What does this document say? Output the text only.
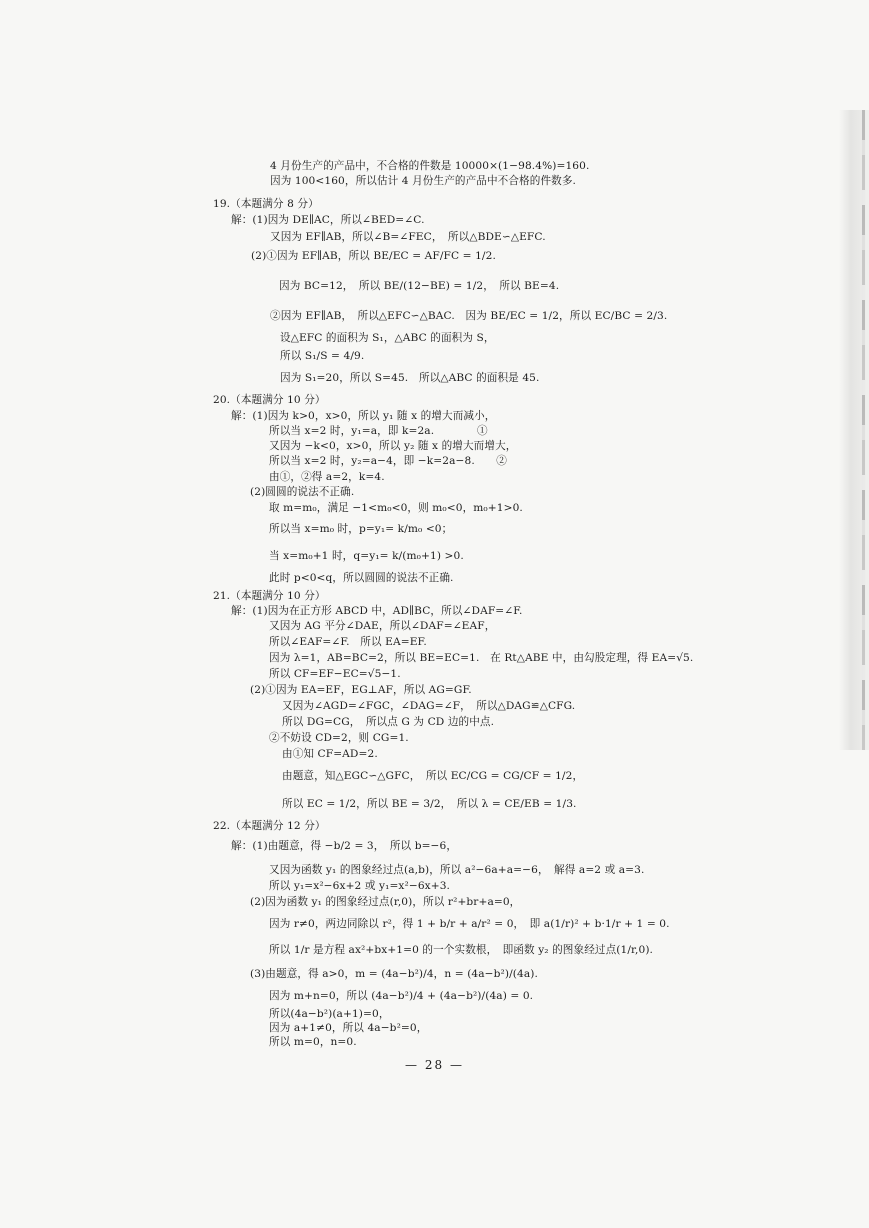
4 月份生产的产品中，不合格的件数是 10000×(1−98.4%)=160.
因为 100<160，所以估计 4 月份生产的产品中不合格的件数多.
19.（本题满分 8 分）
解：(1)因为 DE∥AC，所以∠BED=∠C.
又因为 EF∥AB，所以∠B=∠FEC，　所以△BDE∽△EFC.
(2)①因为 EF∥AB，所以 BE/EC = AF/FC = 1/2.
因为 BC=12，　所以 BE/(12−BE) = 1/2，　所以 BE=4.
②因为 EF∥AB，　所以△EFC∽△BAC.　因为 BE/EC = 1/2，所以 EC/BC = 2/3.
设△EFC 的面积为 S₁，△ABC 的面积为 S，
所以 S₁/S = 4/9.
因为 S₁=20，所以 S=45.　所以△ABC 的面积是 45.
20.（本题满分 10 分）
解：(1)因为 k>0，x>0，所以 y₁ 随 x 的增大而减小，
所以当 x=2 时，y₁=a，即 k=2a.　　　　①
又因为 −k<0，x>0，所以 y₂ 随 x 的增大而增大，
所以当 x=2 时，y₂=a−4，即 −k=2a−8.　　②
由①，②得 a=2，k=4.
(2)圆圆的说法不正确.
取 m=m₀，满足 −1<m₀<0，则 m₀<0，m₀+1>0.
所以当 x=m₀ 时，p=y₁= k/m₀ <0；
当 x=m₀+1 时，q=y₁= k/(m₀+1) >0.
此时 p<0<q，所以圆圆的说法不正确.
21.（本题满分 10 分）
解：(1)因为在正方形 ABCD 中，AD∥BC，所以∠DAF=∠F.
又因为 AG 平分∠DAE，所以∠DAF=∠EAF，
所以∠EAF=∠F.　所以 EA=EF.
因为 λ=1，AB=BC=2，所以 BE=EC=1.　在 Rt△ABE 中，由勾股定理，得 EA=√5.
所以 CF=EF−EC=√5−1.
(2)①因为 EA=EF，EG⊥AF，所以 AG=GF.
又因为∠AGD=∠FGC，∠DAG=∠F，　所以△DAG≌△CFG.
所以 DG=CG，　所以点 G 为 CD 边的中点.
②不妨设 CD=2，则 CG=1.
由①知 CF=AD=2.
由题意，知△EGC∽△GFC，　所以 EC/CG = CG/CF = 1/2，
所以 EC = 1/2，所以 BE = 3/2，　所以 λ = CE/EB = 1/3.
22.（本题满分 12 分）
解：(1)由题意，得 −b/2 = 3，　所以 b=−6，
又因为函数 y₁ 的图象经过点(a,b)，所以 a²−6a+a=−6，　解得 a=2 或 a=3.
所以 y₁=x²−6x+2 或 y₁=x²−6x+3.
(2)因为函数 y₁ 的图象经过点(r,0)，所以 r²+br+a=0，
因为 r≠0，两边同除以 r²，得 1 + b/r + a/r² = 0，　即 a(1/r)² + b·1/r + 1 = 0.
所以 1/r 是方程 ax²+bx+1=0 的一个实数根，　即函数 y₂ 的图象经过点(1/r,0).
(3)由题意，得 a>0，m = (4a−b²)/4，n = (4a−b²)/(4a).
因为 m+n=0，所以 (4a−b²)/4 + (4a−b²)/(4a) = 0.
所以(4a−b²)(a+1)=0，
因为 a+1≠0，所以 4a−b²=0，
所以 m=0，n=0.
— 28 —
